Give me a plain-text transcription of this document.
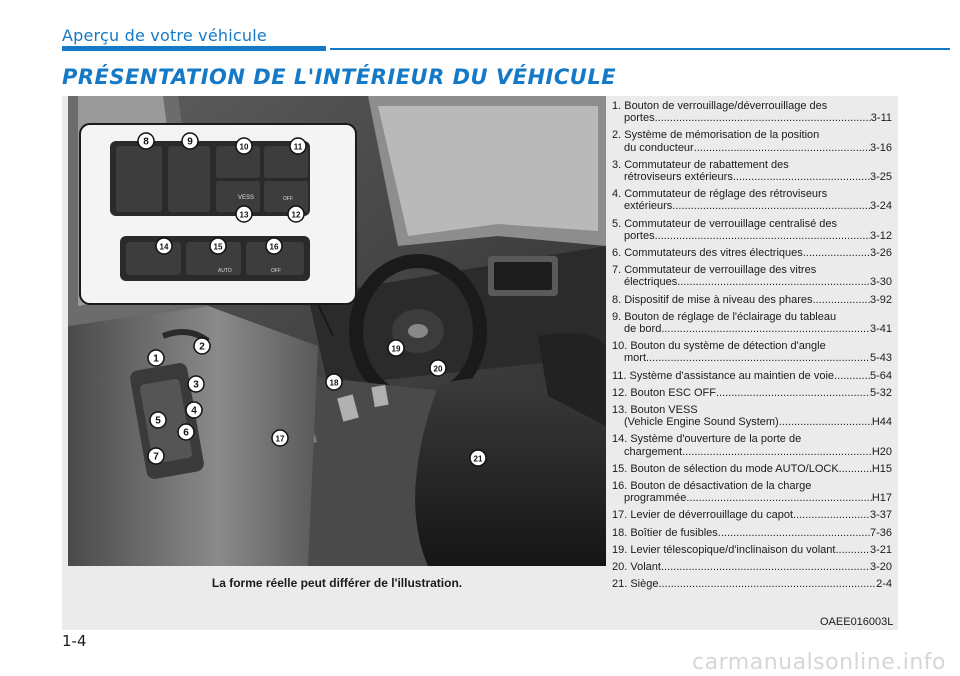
Aperçu de votre véhicule
PRÉSENTATION DE L'INTÉRIEUR DU VÉHICULE
VESS
AUTO
OFF
OFF
1
2
3
4
5
6
7
8	9	10	11
12
13
14	15	16
17
18
19
20
21
La forme réelle peut différer de l'illustration.
OAEE016003L
1. Bouton de verrouillage/déverrouillage des
portes .....	3-11
2. Système de mémorisation de la position
du conducteur .....	3-16
3. Commutateur de rabattement des
rétroviseurs extérieurs .....	3-25
4. Commutateur de réglage des rétroviseurs
extérieurs .....	3-24
5. Commutateur de verrouillage centralisé des
portes .....	3-12
6. Commutateurs des vitres électriques .....	3-26
7. Commutateur de verrouillage des vitres
électriques .....	3-30
8. Dispositif de mise à niveau des phares .....	3-92
9. Bouton de réglage de l'éclairage du tableau
de bord .....	3-41
10. Bouton du système de détection d'angle
mort .....	5-43
11. Système d'assistance au maintien de voie .....	5-64
12. Bouton ESC OFF .....	5-32
13. Bouton VESS
(Vehicle Engine Sound System) .....	H44
14. Système d'ouverture de la porte de
chargement .....	H20
15. Bouton de sélection du mode AUTO/LOCK .....	H15
16. Bouton de désactivation de la charge
programmée .....	H17
17. Levier de déverrouillage du capot .....	3-37
18. Boîtier de fusibles .....	7-36
19. Levier télescopique/d'inclinaison du volant .....	3-21
20. Volant .....	3-20
21. Siège .....	2-4
1-4
carmanualsonline.info
